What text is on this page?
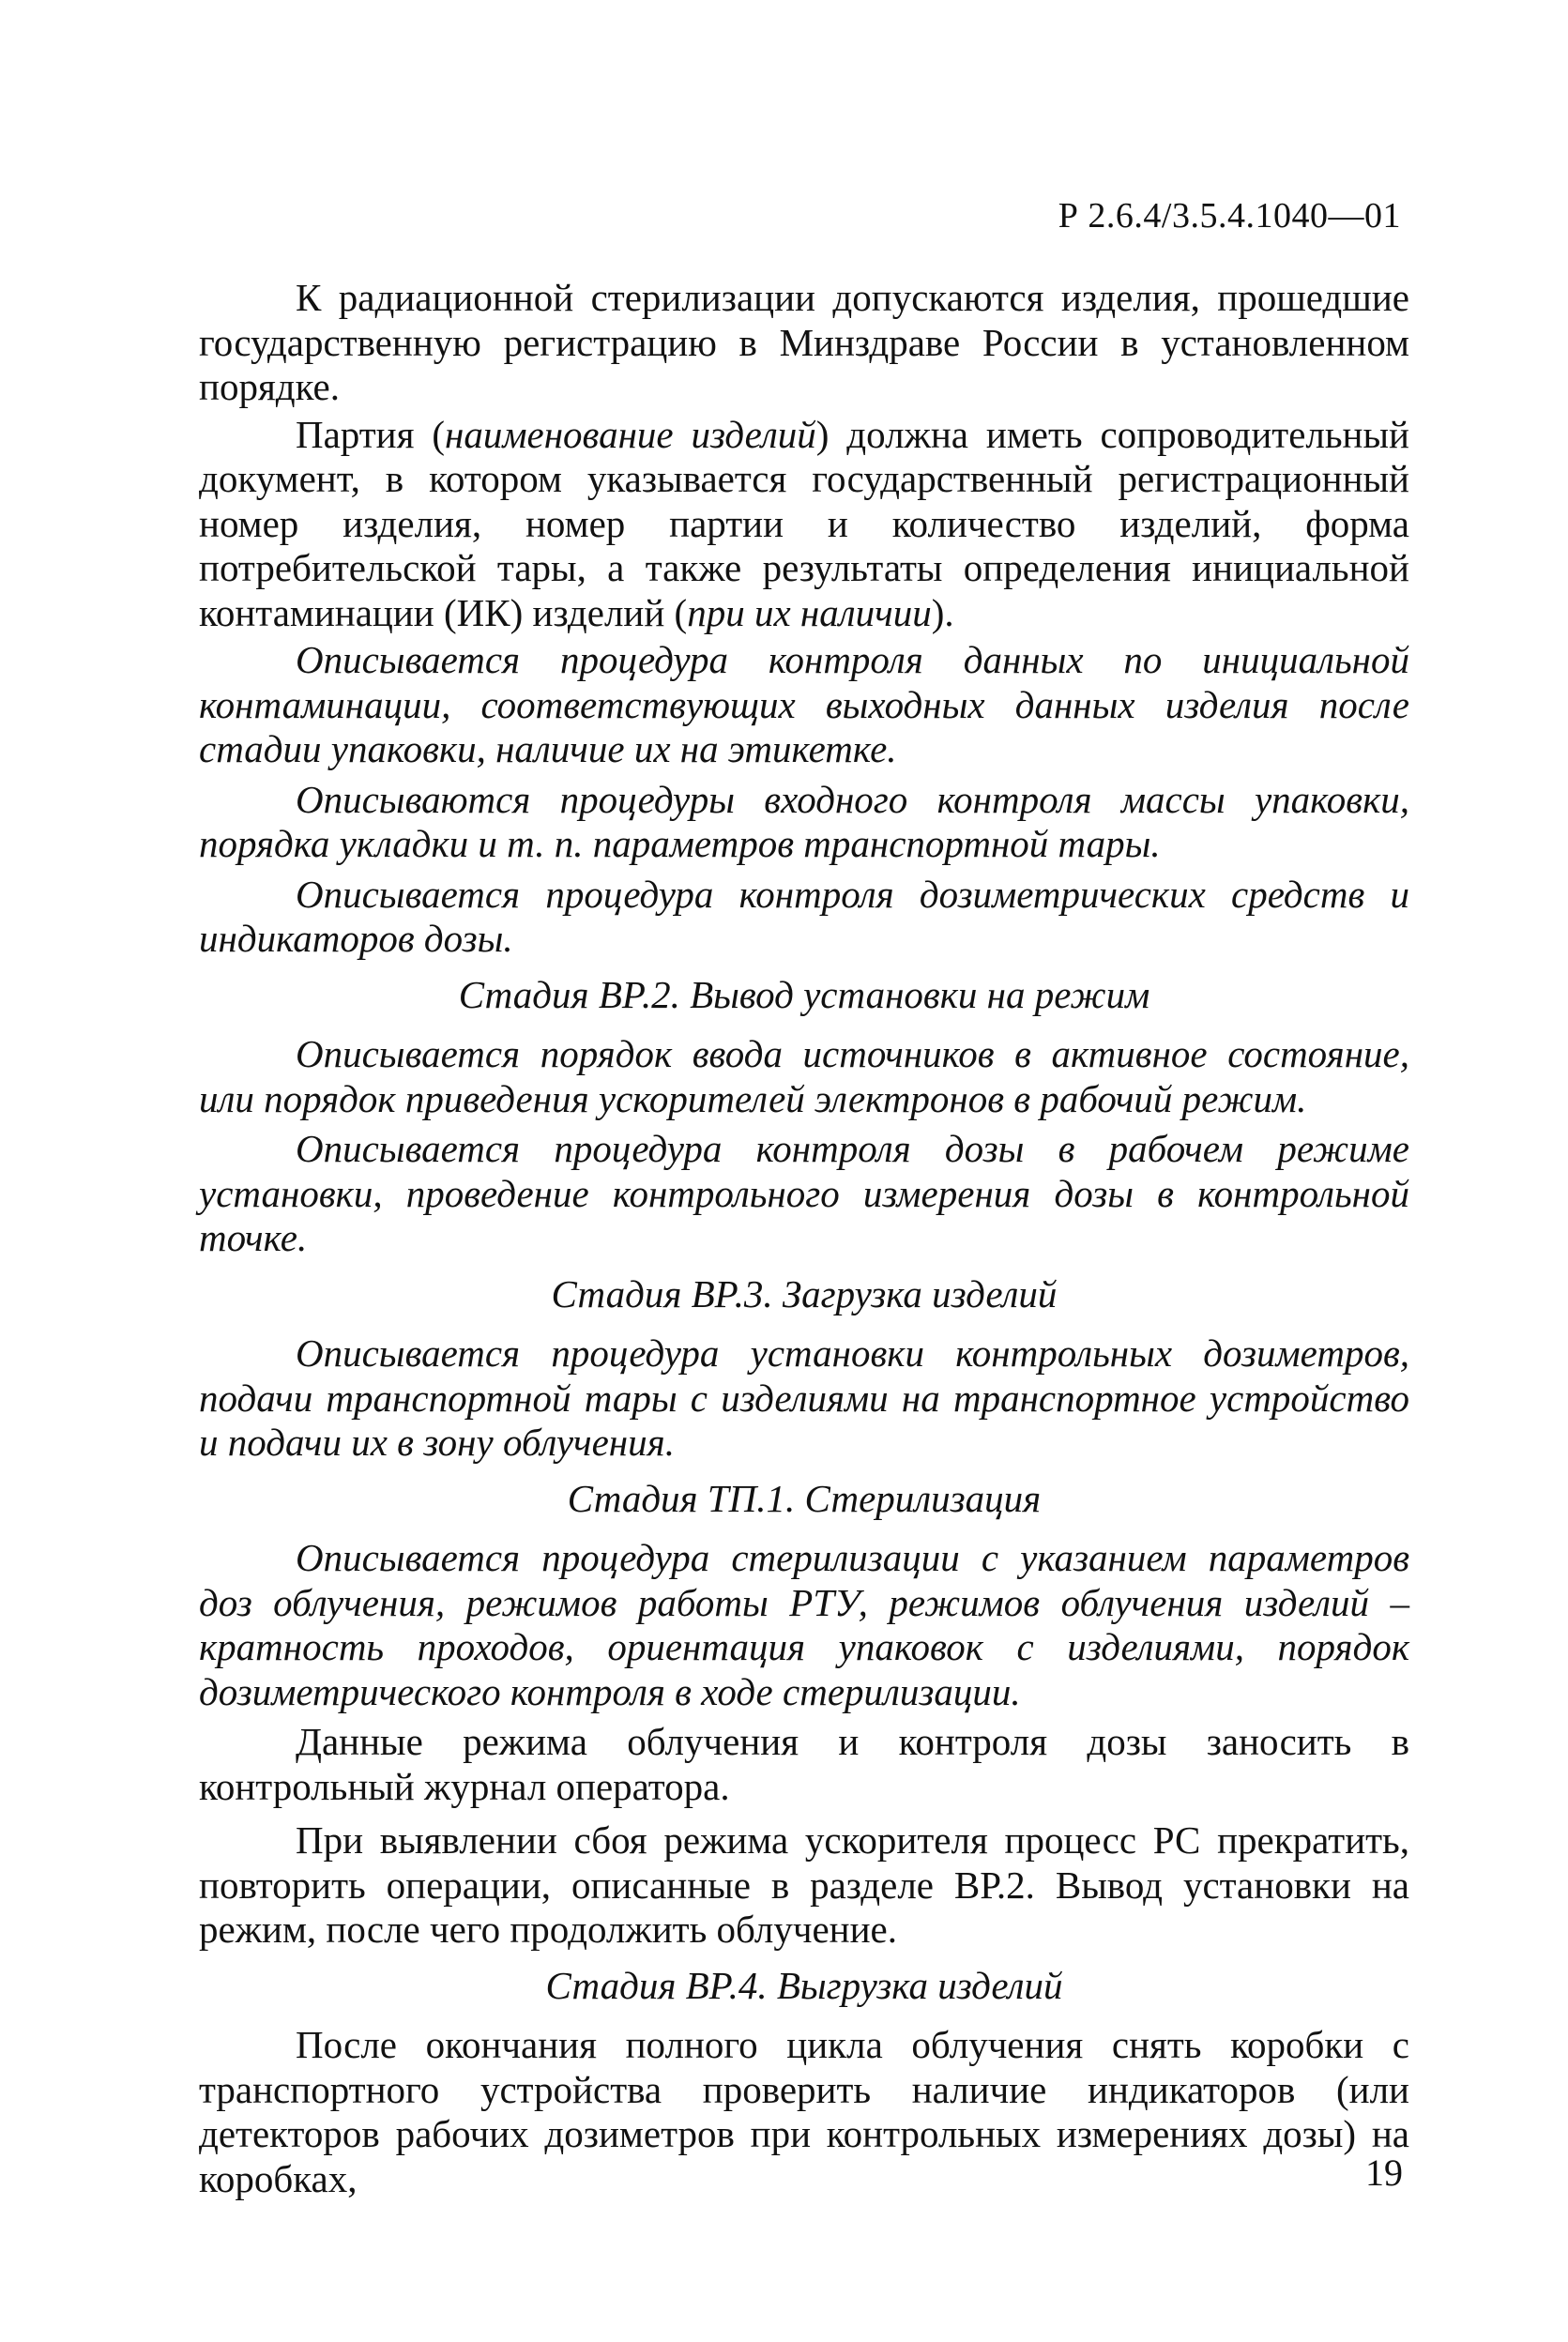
Р 2.6.4/3.5.4.1040—01

К радиационной стерилизации допускаются изделия, прошедшие государственную регистрацию в Минздраве России в установленном порядке.

Партия (наименование изделий) должна иметь сопроводительный документ, в котором указывается государственный регистрационный номер изделия, номер партии и количество изделий, форма потребительской тары, а также результаты определения инициальной контаминации (ИК) изделий (при их наличии).

Описывается процедура контроля данных по инициальной контаминации, соответствующих выходных данных изделия после стадии упаковки, наличие их на этикетке.

Описываются процедуры входного контроля массы упаковки, порядка укладки и т. п. параметров транспортной тары.

Описывается процедура контроля дозиметрических средств и индикаторов дозы.

Стадия ВР.2. Вывод установки на режим

Описывается порядок ввода источников в активное состояние, или порядок приведения ускорителей электронов в рабочий режим.

Описывается процедура контроля дозы в рабочем режиме установки, проведение контрольного измерения дозы в контрольной точке.

Стадия ВР.3. Загрузка изделий

Описывается процедура установки контрольных дозиметров, подачи транспортной тары с изделиями на транспортное устройство и подачи их в зону облучения.

Стадия ТП.1. Стерилизация

Описывается процедура стерилизации с указанием параметров доз облучения, режимов работы РТУ, режимов облучения изделий – кратность проходов, ориентация упаковок с изделиями, порядок дозиметрического контроля в ходе стерилизации.

Данные режима облучения и контроля дозы заносить в контрольный журнал оператора.

При выявлении сбоя режима ускорителя процесс РС прекратить, повторить операции, описанные в разделе ВР.2. Вывод установки на режим, после чего продолжить облучение.

Стадия ВР.4. Выгрузка изделий

После окончания полного цикла облучения снять коробки с транспортного устройства проверить наличие индикаторов (или детекторов рабочих дозиметров при контрольных измерениях дозы) на коробках,	19
